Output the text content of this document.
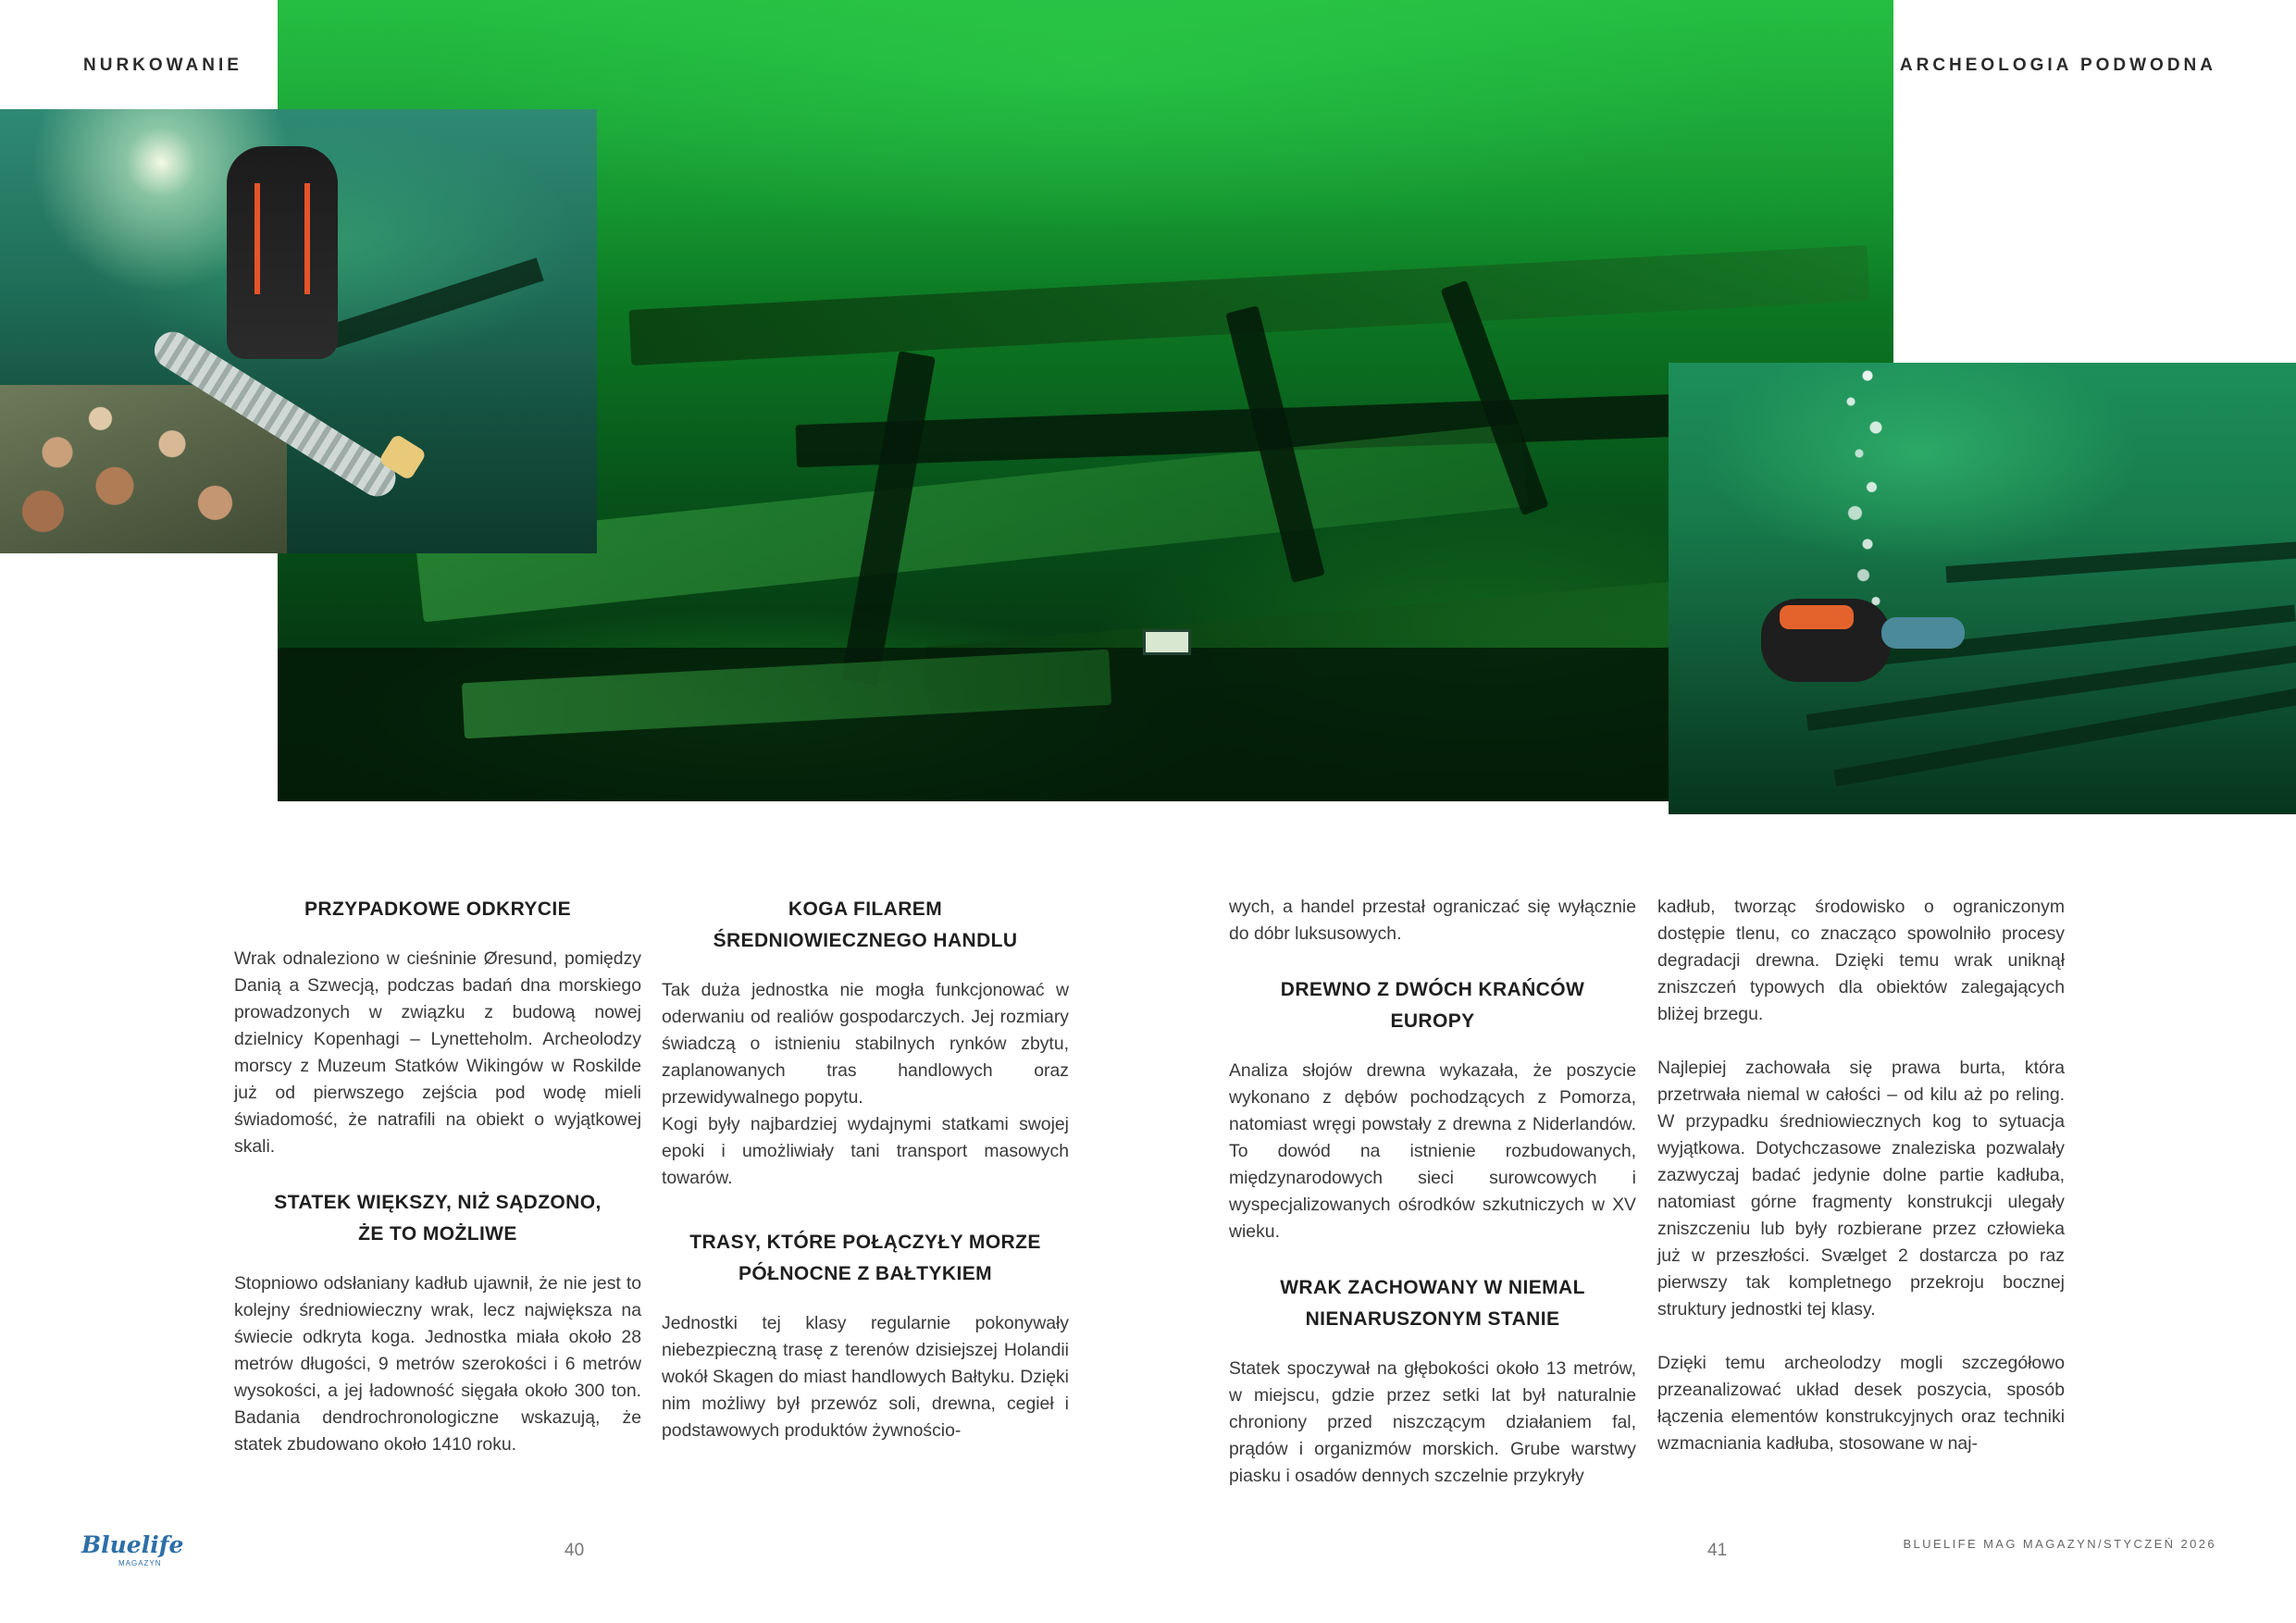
NURKOWANIE	ARCHEOLOGIA PODWODNA
PRZYPADKOWE ODKRYCIE
Wrak odnaleziono w cieśninie Øresund, pomiędzy Danią a Szwecją, podczas badań dna morskiego prowadzonych w związku z budową nowej dzielnicy Kopenhagi – Lynetteholm. Archeolodzy morscy z Muzeum Statków Wikingów w Roskilde już od pierwszego zejścia pod wodę mieli świadomość, że natrafili na obiekt o wyjątkowej skali.
STATEK WIĘKSZY, NIŻ SĄDZONO, ŻE TO MOŻLIWE
Stopniowo odsłaniany kadłub ujawnił, że nie jest to kolejny średniowieczny wrak, lecz największa na świecie odkryta koga. Jednostka miała około 28 metrów długości, 9 metrów szerokości i 6 metrów wysokości, a jej ładowność sięgała około 300 ton. Badania dendrochronologiczne wskazują, że statek zbudowano około 1410 roku.
KOGA FILAREM ŚREDNIOWIECZNEGO HANDLU
Tak duża jednostka nie mogła funkcjonować w oderwaniu od realiów gospodarczych. Jej rozmiary świadczą o istnieniu stabilnych rynków zbytu, zaplanowanych tras handlowych oraz przewidywalnego popytu.
Kogi były najbardziej wydajnymi statkami swojej epoki i umożliwiały tani transport masowych towarów.
TRASY, KTÓRE POŁĄCZYŁY MORZE PÓŁNOCNE Z BAŁTYKIEM
Jednostki tej klasy regularnie pokonywały niebezpieczną trasę z terenów dzisiejszej Holandii wokół Skagen do miast handlowych Bałtyku. Dzięki nim możliwy był przewóz soli, drewna, cegieł i podstawowych produktów żywnościo-
wych, a handel przestał ograniczać się wyłącznie do dóbr luksusowych.
DREWNO Z DWÓCH KRAŃCÓW EUROPY
Analiza słojów drewna wykazała, że poszycie wykonano z dębów pochodzących z Pomorza, natomiast wręgi powstały z drewna z Niderlandów. To dowód na istnienie rozbudowanych, międzynarodowych sieci surowcowych i wyspecjalizowanych ośrodków szkutniczych w XV wieku.
WRAK ZACHOWANY W NIEMAL NIENARUSZONYM STANIE
Statek spoczywał na głębokości około 13 metrów, w miejscu, gdzie przez setki lat był naturalnie chroniony przed niszczącym działaniem fal, prądów i organizmów morskich. Grube warstwy piasku i osadów dennych szczelnie przykryły
kadłub, tworząc środowisko o ograniczonym dostępie tlenu, co znacząco spowolniło procesy degradacji drewna. Dzięki temu wrak uniknął zniszczeń typowych dla obiektów zalegających bliżej brzegu.
Najlepiej zachowała się prawa burta, która przetrwała niemal w całości – od kilu aż po reling. W przypadku średniowiecznych kog to sytuacja wyjątkowa. Dotychczasowe znaleziska pozwalały zazwyczaj badać jedynie dolne partie kadłuba, natomiast górne fragmenty konstrukcji ulegały zniszczeniu lub były rozbierane przez człowieka już w przeszłości. Svælget 2 dostarcza po raz pierwszy tak kompletnego przekroju bocznej struktury jednostki tej klasy.
Dzięki temu archeolodzy mogli szczegółowo przeanalizować układ desek poszycia, sposób łączenia elementów konstrukcyjnych oraz techniki wzmacniania kadłuba, stosowane w naj-
Bluelife
MAGAZYN
40	41	BLUELIFE MAG MAGAZYN/STYCZEŃ 2026
